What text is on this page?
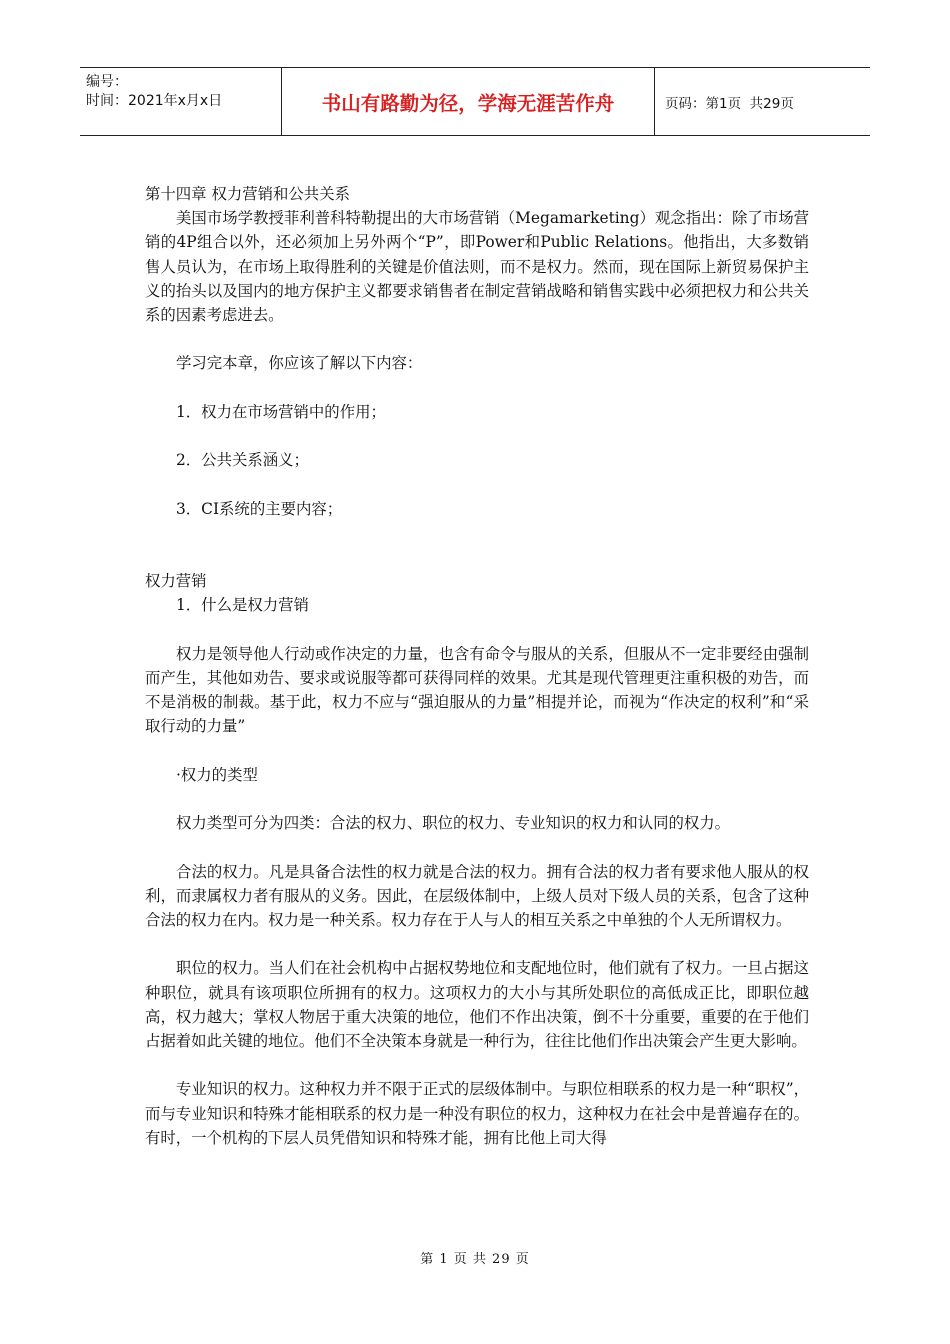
编号：
时间：2021年x月x日	书山有路勤为径，学海无涯苦作舟	页码：第1页  共29页

第十四章 权力营销和公共关系

美国市场学教授菲利普科特勒提出的大市场营销（Megamarketing）观念指出：除了市场营销的4P组合以外，还必须加上另外两个“P”，即Power和Public Relations。他指出，大多数销售人员认为，在市场上取得胜利的关键是价值法则，而不是权力。然而，现在国际上新贸易保护主义的抬头以及国内的地方保护主义都要求销售者在制定营销战略和销售实践中必须把权力和公共关系的因素考虑进去。

学习完本章，你应该了解以下内容：

1．权力在市场营销中的作用；

2．公共关系涵义；

3．CI系统的主要内容；

权力营销

1．什么是权力营销

权力是领导他人行动或作决定的力量，也含有命令与服从的关系，但服从不一定非要经由强制而产生，其他如劝告、要求或说服等都可获得同样的效果。尤其是现代管理更注重积极的劝告，而不是消极的制裁。基于此，权力不应与“强迫服从的力量”相提并论，而视为“作决定的权利”和“采取行动的力量”

·权力的类型

权力类型可分为四类：合法的权力、职位的权力、专业知识的权力和认同的权力。

合法的权力。凡是具备合法性的权力就是合法的权力。拥有合法的权力者有要求他人服从的权利，而隶属权力者有服从的义务。因此，在层级体制中，上级人员对下级人员的关系，包含了这种合法的权力在内。权力是一种关系。权力存在于人与人的相互关系之中单独的个人无所谓权力。

职位的权力。当人们在社会机构中占据权势地位和支配地位时，他们就有了权力。一旦占据这种职位，就具有该项职位所拥有的权力。这项权力的大小与其所处职位的高低成正比，即职位越高，权力越大；掌权人物居于重大决策的地位，他们不作出决策，倒不十分重要，重要的在于他们占据着如此关键的地位。他们不全决策本身就是一种行为，往往比他们作出决策会产生更大影响。

专业知识的权力。这种权力并不限于正式的层级体制中。与职位相联系的权力是一种“职权”，而与专业知识和特殊才能相联系的权力是一种没有职位的权力，这种权力在社会中是普遍存在的。有时，一个机构的下层人员凭借知识和特殊才能，拥有比他上司大得

第 1 页 共 29 页
